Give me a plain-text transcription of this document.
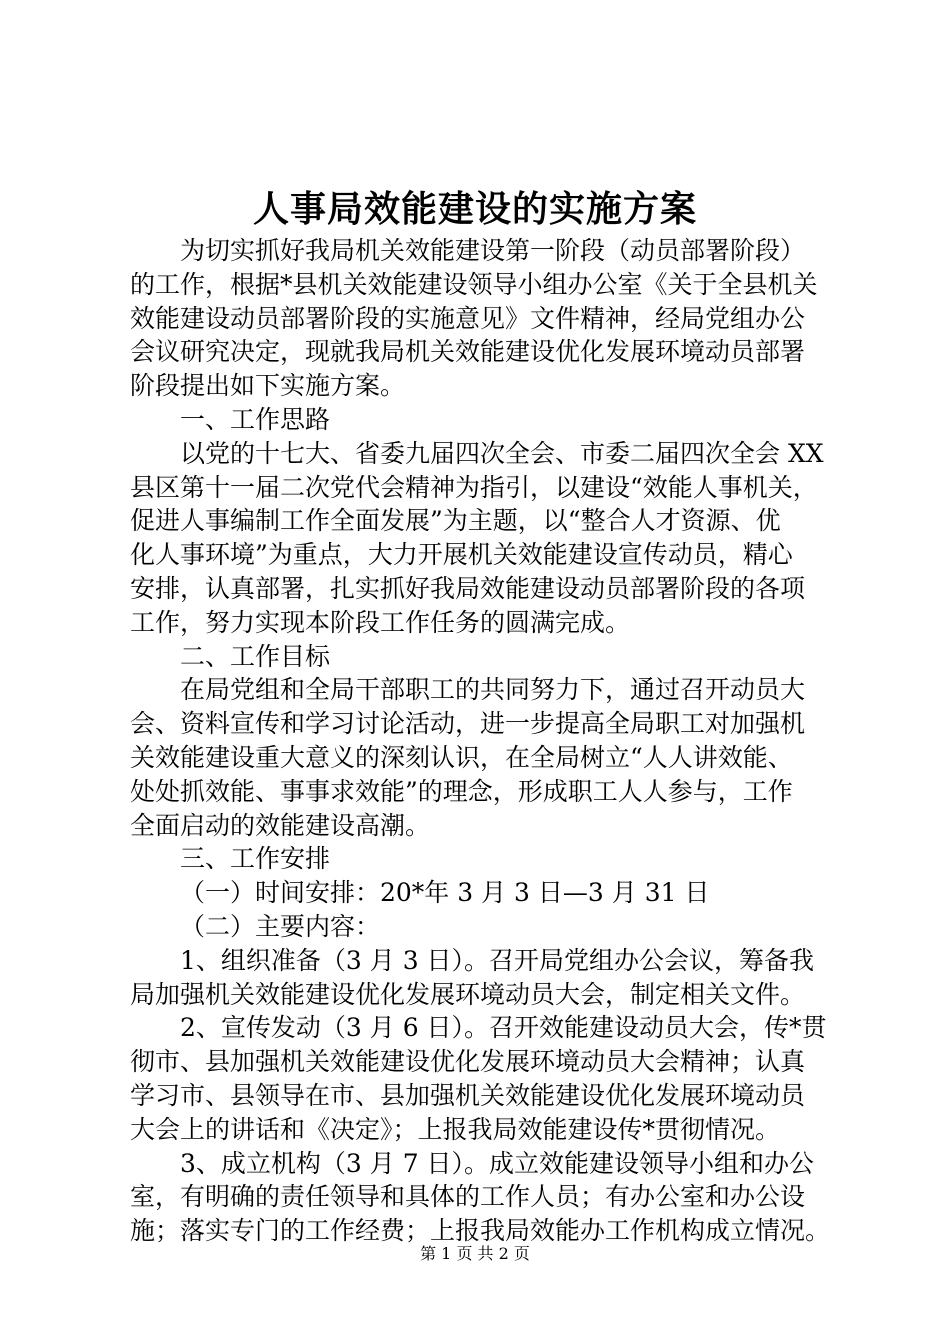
人事局效能建设的实施方案
为切实抓好我局机关效能建设第一阶段（动员部署阶段）
的工作，根据*县机关效能建设领导小组办公室《关于全县机关
效能建设动员部署阶段的实施意见》文件精神，经局党组办公
会议研究决定，现就我局机关效能建设优化发展环境动员部署
阶段提出如下实施方案。
一、工作思路
以党的十七大、省委九届四次全会、市委二届四次全会 XX
县区第十一届二次党代会精神为指引，以建设“效能人事机关，
促进人事编制工作全面发展”为主题，以“整合人才资源、优
化人事环境”为重点，大力开展机关效能建设宣传动员，精心
安排，认真部署，扎实抓好我局效能建设动员部署阶段的各项
工作，努力实现本阶段工作任务的圆满完成。
二、工作目标
在局党组和全局干部职工的共同努力下，通过召开动员大
会、资料宣传和学习讨论活动，进一步提高全局职工对加强机
关效能建设重大意义的深刻认识，在全局树立“人人讲效能、
处处抓效能、事事求效能”的理念，形成职工人人参与，工作
全面启动的效能建设高潮。
三、工作安排
（一）时间安排：20*年 3 月 3 日—3 月 31 日
（二）主要内容：
1、组织准备（3 月 3 日）。召开局党组办公会议，筹备我
局加强机关效能建设优化发展环境动员大会，制定相关文件。
2、宣传发动（3 月 6 日）。召开效能建设动员大会，传*贯
彻市、县加强机关效能建设优化发展环境动员大会精神；认真
学习市、县领导在市、县加强机关效能建设优化发展环境动员
大会上的讲话和《决定》；上报我局效能建设传*贯彻情况。
3、成立机构（3 月 7 日）。成立效能建设领导小组和办公
室，有明确的责任领导和具体的工作人员；有办公室和办公设
施；落实专门的工作经费；上报我局效能办工作机构成立情况。
第 1 页 共 2 页
